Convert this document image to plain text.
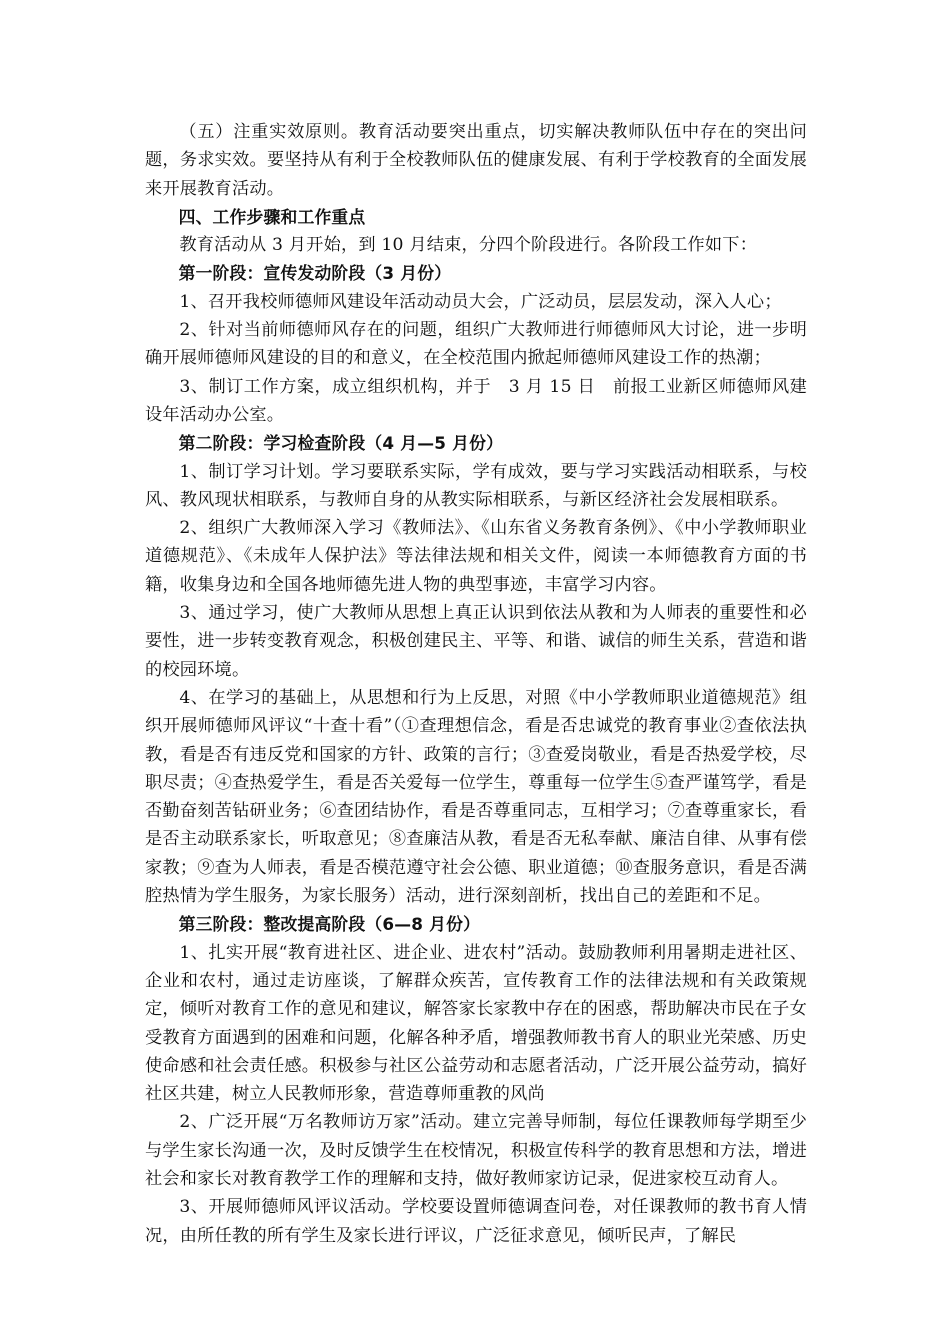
（五）注重实效原则。教育活动要突出重点，切实解决教师队伍中存在的突出问题，务求实效。要坚持从有利于全校教师队伍的健康发展、有利于学校教育的全面发展来开展教育活动。

四、工作步骤和工作重点

教育活动从 3 月开始，到 10 月结束，分四个阶段进行。各阶段工作如下：

第一阶段：宣传发动阶段（3 月份）

1、召开我校师德师风建设年活动动员大会，广泛动员，层层发动，深入人心；

2、针对当前师德师风存在的问题，组织广大教师进行师德师风大讨论，进一步明确开展师德师风建设的目的和意义，在全校范围内掀起师德师风建设工作的热潮；

3、制订工作方案，成立组织机构，并于　3 月 15 日　前报工业新区师德师风建设年活动办公室。

第二阶段：学习检查阶段（4 月—5 月份）

1、制订学习计划。学习要联系实际，学有成效，要与学习实践活动相联系，与校风、教风现状相联系，与教师自身的从教实际相联系，与新区经济社会发展相联系。

2、组织广大教师深入学习《教师法》、《山东省义务教育条例》、《中小学教师职业道德规范》、《未成年人保护法》等法律法规和相关文件，阅读一本师德教育方面的书籍，收集身边和全国各地师德先进人物的典型事迹，丰富学习内容。

3、通过学习，使广大教师从思想上真正认识到依法从教和为人师表的重要性和必要性，进一步转变教育观念，积极创建民主、平等、和谐、诚信的师生关系，营造和谐的校园环境。

4、在学习的基础上，从思想和行为上反思，对照《中小学教师职业道德规范》组织开展师德师风评议“十查十看”（①查理想信念，看是否忠诚党的教育事业②查依法执教，看是否有违反党和国家的方针、政策的言行；③查爱岗敬业，看是否热爱学校，尽职尽责；④查热爱学生，看是否关爱每一位学生，尊重每一位学生⑤查严谨笃学，看是否勤奋刻苦钻研业务；⑥查团结协作，看是否尊重同志，互相学习；⑦查尊重家长，看是否主动联系家长，听取意见；⑧查廉洁从教，看是否无私奉献、廉洁自律、从事有偿家教；⑨查为人师表，看是否模范遵守社会公德、职业道德；⑩查服务意识，看是否满腔热情为学生服务，为家长服务）活动，进行深刻剖析，找出自己的差距和不足。

第三阶段：整改提高阶段（6—8 月份）

1、扎实开展“教育进社区、进企业、进农村”活动。鼓励教师利用暑期走进社区、企业和农村，通过走访座谈，了解群众疾苦，宣传教育工作的法律法规和有关政策规定，倾听对教育工作的意见和建议，解答家长家教中存在的困惑，帮助解决市民在子女受教育方面遇到的困难和问题，化解各种矛盾，增强教师教书育人的职业光荣感、历史使命感和社会责任感。积极参与社区公益劳动和志愿者活动，广泛开展公益劳动，搞好社区共建，树立人民教师形象，营造尊师重教的风尚

2、广泛开展“万名教师访万家”活动。建立完善导师制，每位任课教师每学期至少与学生家长沟通一次，及时反馈学生在校情况，积极宣传科学的教育思想和方法，增进社会和家长对教育教学工作的理解和支持，做好教师家访记录，促进家校互动育人。

3、开展师德师风评议活动。学校要设置师德调查问卷，对任课教师的教书育人情况，由所任教的所有学生及家长进行评议，广泛征求意见，倾听民声，了解民
